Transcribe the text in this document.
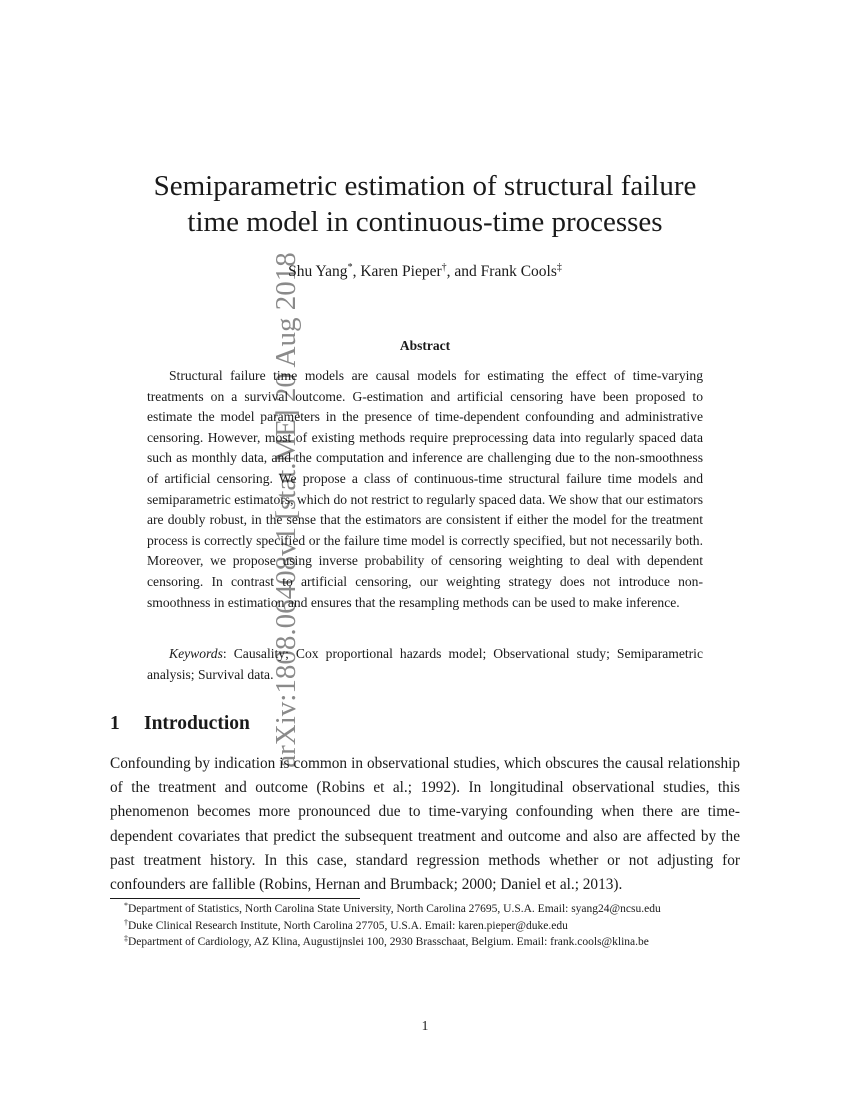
arXiv:1808.06408v1 [stat.ME] 20 Aug 2018
Semiparametric estimation of structural failure
time model in continuous-time processes
Shu Yang*, Karen Pieper†, and Frank Cools‡
Abstract

Structural failure time models are causal models for estimating the effect of time-varying treatments on a survival outcome. G-estimation and artificial censoring have been proposed to estimate the model parameters in the presence of time-dependent confounding and administrative censoring. However, most of existing methods require preprocessing data into regularly spaced data such as monthly data, and the computation and inference are challenging due to the non-smoothness of artificial censoring. We propose a class of continuous-time structural failure time models and semiparametric estimators, which do not restrict to regularly spaced data. We show that our estimators are doubly robust, in the sense that the estimators are consistent if either the model for the treatment process is correctly specified or the failure time model is correctly specified, but not necessarily both. Moreover, we propose using inverse probability of censoring weighting to deal with dependent censoring. In contrast to artificial censoring, our weighting strategy does not introduce non-smoothness in estimation and ensures that the resampling methods can be used to make inference.

Keywords: Causality; Cox proportional hazards model; Observational study; Semiparametric analysis; Survival data.

1 Introduction

Confounding by indication is common in observational studies, which obscures the causal relationship of the treatment and outcome (Robins et al.; 1992). In longitudinal observational studies, this phenomenon becomes more pronounced due to time-varying confounding when there are time-dependent covariates that predict the subsequent treatment and outcome and also are affected by the past treatment history. In this case, standard regression methods whether or not adjusting for confounders are fallible (Robins, Hernan and Brumback; 2000; Daniel et al.; 2013).

*Department of Statistics, North Carolina State University, North Carolina 27695, U.S.A. Email: syang24@ncsu.edu

†Duke Clinical Research Institute, North Carolina 27705, U.S.A. Email: karen.pieper@duke.edu

‡Department of Cardiology, AZ Klina, Augustijnslei 100, 2930 Brasschaat, Belgium. Email: frank.cools@klina.be

1
